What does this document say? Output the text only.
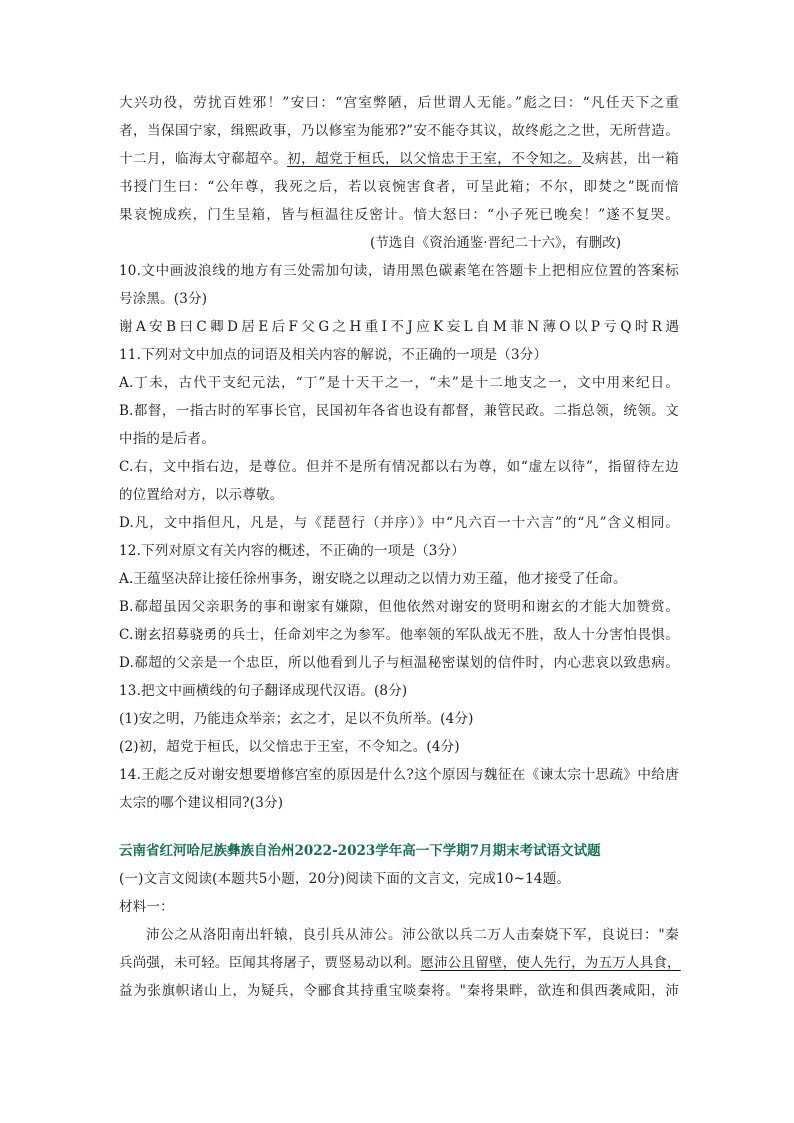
大兴功役，劳扰百姓邪！”安曰：“宫室弊陋，后世谓人无能。”彪之曰：“凡任天下之重
者，当保国宁家，缉熙政事，乃以修室为能邪?”安不能夺其议，故终彪之之世，无所营造。
十二月，临海太守郗超卒。初，超党于桓氏，以父愔忠于王室，不令知之。及病甚，出一箱
书授门生曰：“公年尊，我死之后，若以哀惋害食者，可呈此箱；不尔，即焚之”既而愔
果哀惋成疾，门生呈箱，皆与桓温往反密计。愔大怒曰：“小子死已晚矣！”遂不复哭。
(节选自《资治通鉴·晋纪二十六》，有删改)
10.文中画波浪线的地方有三处需加句读，请用黑色碳素笔在答题卡上把相应位置的答案标
号涂黑。(3分)
谢A安B曰C卿D居E后F父G之H重I不J应K妄L自M菲N薄O以P亏Q时R遇
11.下列对文中加点的词语及相关内容的解说，不正确的一项是（3分）
A.丁未，古代干支纪元法，“丁”是十天干之一，“未”是十二地支之一，文中用来纪日。
B.都督，一指古时的军事长官，民国初年各省也设有都督，兼管民政。二指总领，统领。文
中指的是后者。
C.右，文中指右边，是尊位。但并不是所有情况都以右为尊，如“虚左以待”，指留待左边
的位置给对方，以示尊敬。
D.凡，文中指但凡，凡是，与《琵琶行（并序）》中“凡六百一十六言”的“凡”含义相同。
12.下列对原文有关内容的概述，不正确的一项是（3分）
A.王蕴坚决辞让接任徐州事务，谢安晓之以理动之以情力劝王蕴，他才接受了任命。
B.郗超虽因父亲职务的事和谢家有嫌隙，但他依然对谢安的贤明和谢玄的才能大加赞赏。
C.谢玄招募骁勇的兵士，任命刘牢之为参军。他率领的军队战无不胜，敌人十分害怕畏惧。
D.郗超的父亲是一个忠臣，所以他看到儿子与桓温秘密谋划的信件时，内心悲哀以致患病。
13.把文中画横线的句子翻译成现代汉语。(8分)
(1)安之明，乃能违众举亲；玄之才，足以不负所举。(4分)
(2)初，超党于桓氏，以父愔忠于王室，不令知之。(4分)
14.王彪之反对谢安想要增修宫室的原因是什么?这个原因与魏征在《谏太宗十思疏》中给唐
太宗的哪个建议相同?(3分)
云南省红河哈尼族彝族自治州2022-2023学年高一下学期7月期末考试语文试题
(一)文言文阅读(本题共5小题，20分)阅读下面的文言文，完成10~14题。
材料一：
沛公之从洛阳南出轩辕，良引兵从沛公。沛公欲以兵二万人击秦娆下军，良说曰："秦
兵尚强，未可轻。臣闻其将屠子，贾竖易动以利。愿沛公且留壁，使人先行，为五万人具食，
益为张旗帜诸山上，为疑兵，令郦食其持重宝啖秦将。"秦将果畔，欲连和俱西袭咸阳，沛
